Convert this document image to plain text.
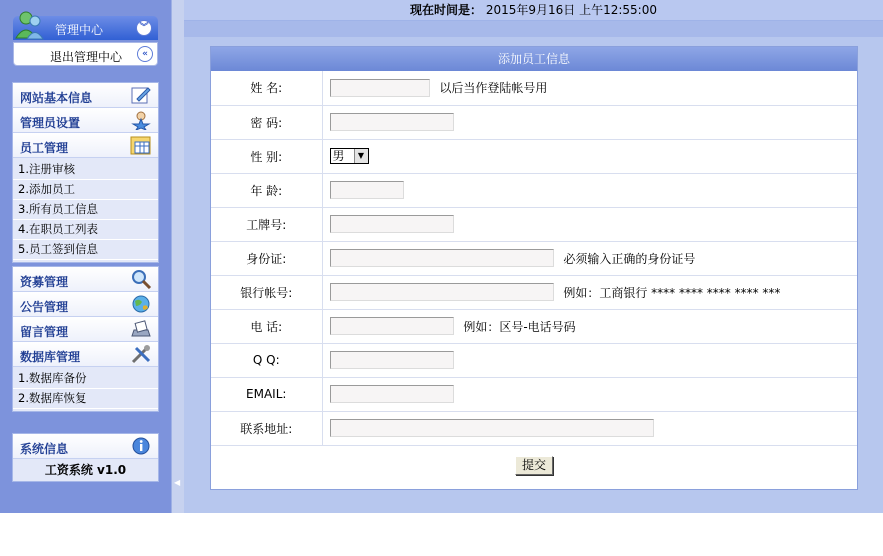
管理中心	︾
退出管理中心	«
网站基本信息
管理员设置
员工管理
1.注册审核
2.添加员工
3.所有员工信息
4.在职员工列表
5.员工签到信息
资募管理
公告管理
留言管理
数据库管理
1.数据库备份
2.数据库恢复
系统信息
工资系统 v1.0
◀
现在时间是： 2015年9月16日 上午12:55:00
添加员工信息
姓 名:	以后当作登陆帐号用
密 码:	
性 别:	男 ▼

年 龄:	
工牌号:	
身份证:	必须输入正确的身份证号
银行帐号:	例如：工商银行 **** **** **** **** ***
电 话:	例如：区号-电话号码
Q Q:	
EMAIL:	
联系地址:	
提交	
